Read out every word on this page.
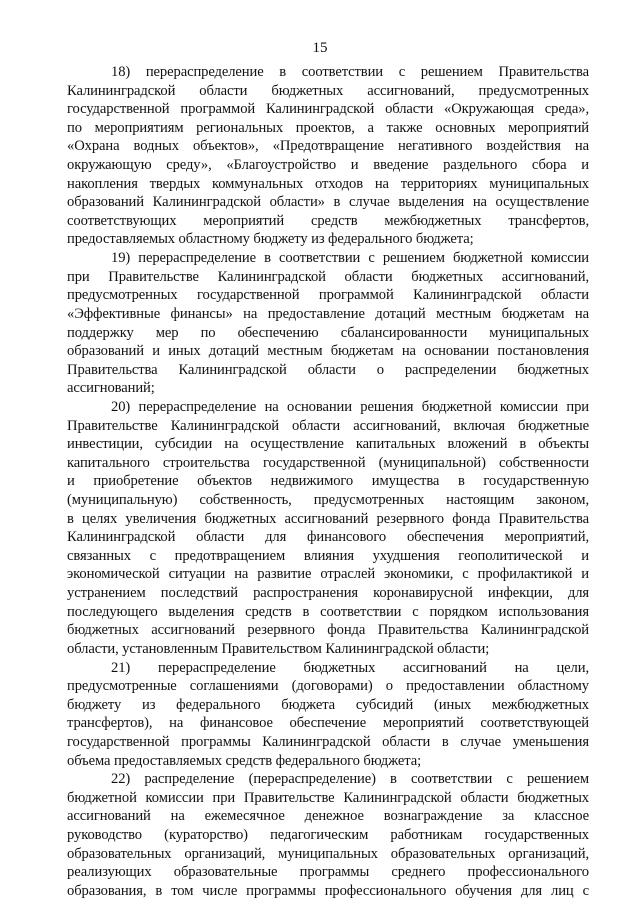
15
18) перераспределение в соответствии с решением Правительства
Калининградской области бюджетных ассигнований, предусмотренных
государственной программой Калининградской области «Окружающая среда»,
по мероприятиям региональных проектов, а также основных мероприятий
«Охрана водных объектов», «Предотвращение негативного воздействия на
окружающую среду», «Благоустройство и введение раздельного сбора и
накопления твердых коммунальных отходов на территориях муниципальных
образований Калининградской области» в случае выделения на осуществление
соответствующих мероприятий средств межбюджетных трансфертов,
предоставляемых областному бюджету из федерального бюджета;
19) перераспределение в соответствии с решением бюджетной комиссии
при Правительстве Калининградской области бюджетных ассигнований,
предусмотренных государственной программой Калининградской области
«Эффективные финансы» на предоставление дотаций местным бюджетам на
поддержку мер по обеспечению сбалансированности муниципальных
образований и иных дотаций местным бюджетам на основании постановления
Правительства Калининградской области о распределении бюджетных
ассигнований;
20) перераспределение на основании решения бюджетной комиссии при
Правительстве Калининградской области ассигнований, включая бюджетные
инвестиции, субсидии на осуществление капитальных вложений в объекты
капитального строительства государственной (муниципальной) собственности
и приобретение объектов недвижимого имущества в государственную
(муниципальную) собственность, предусмотренных настоящим законом,
в целях увеличения бюджетных ассигнований резервного фонда Правительства
Калининградской области для финансового обеспечения мероприятий,
связанных с предотвращением влияния ухудшения геополитической и
экономической ситуации на развитие отраслей экономики, с профилактикой и
устранением последствий распространения коронавирусной инфекции, для
последующего выделения средств в соответствии с порядком использования
бюджетных ассигнований резервного фонда Правительства Калининградской
области, установленным Правительством Калининградской области;
21) перераспределение бюджетных ассигнований на цели,
предусмотренные соглашениями (договорами) о предоставлении областному
бюджету из федерального бюджета субсидий (иных межбюджетных
трансфертов), на финансовое обеспечение мероприятий соответствующей
государственной программы Калининградской области в случае уменьшения
объема предоставляемых средств федерального бюджета;
22) распределение (перераспределение) в соответствии с решением
бюджетной комиссии при Правительстве Калининградской области бюджетных
ассигнований на ежемесячное денежное вознаграждение за классное
руководство (кураторство) педагогическим работникам государственных
образовательных организаций, муниципальных образовательных организаций,
реализующих образовательные программы среднего профессионального
образования, в том числе программы профессионального обучения для лиц с
